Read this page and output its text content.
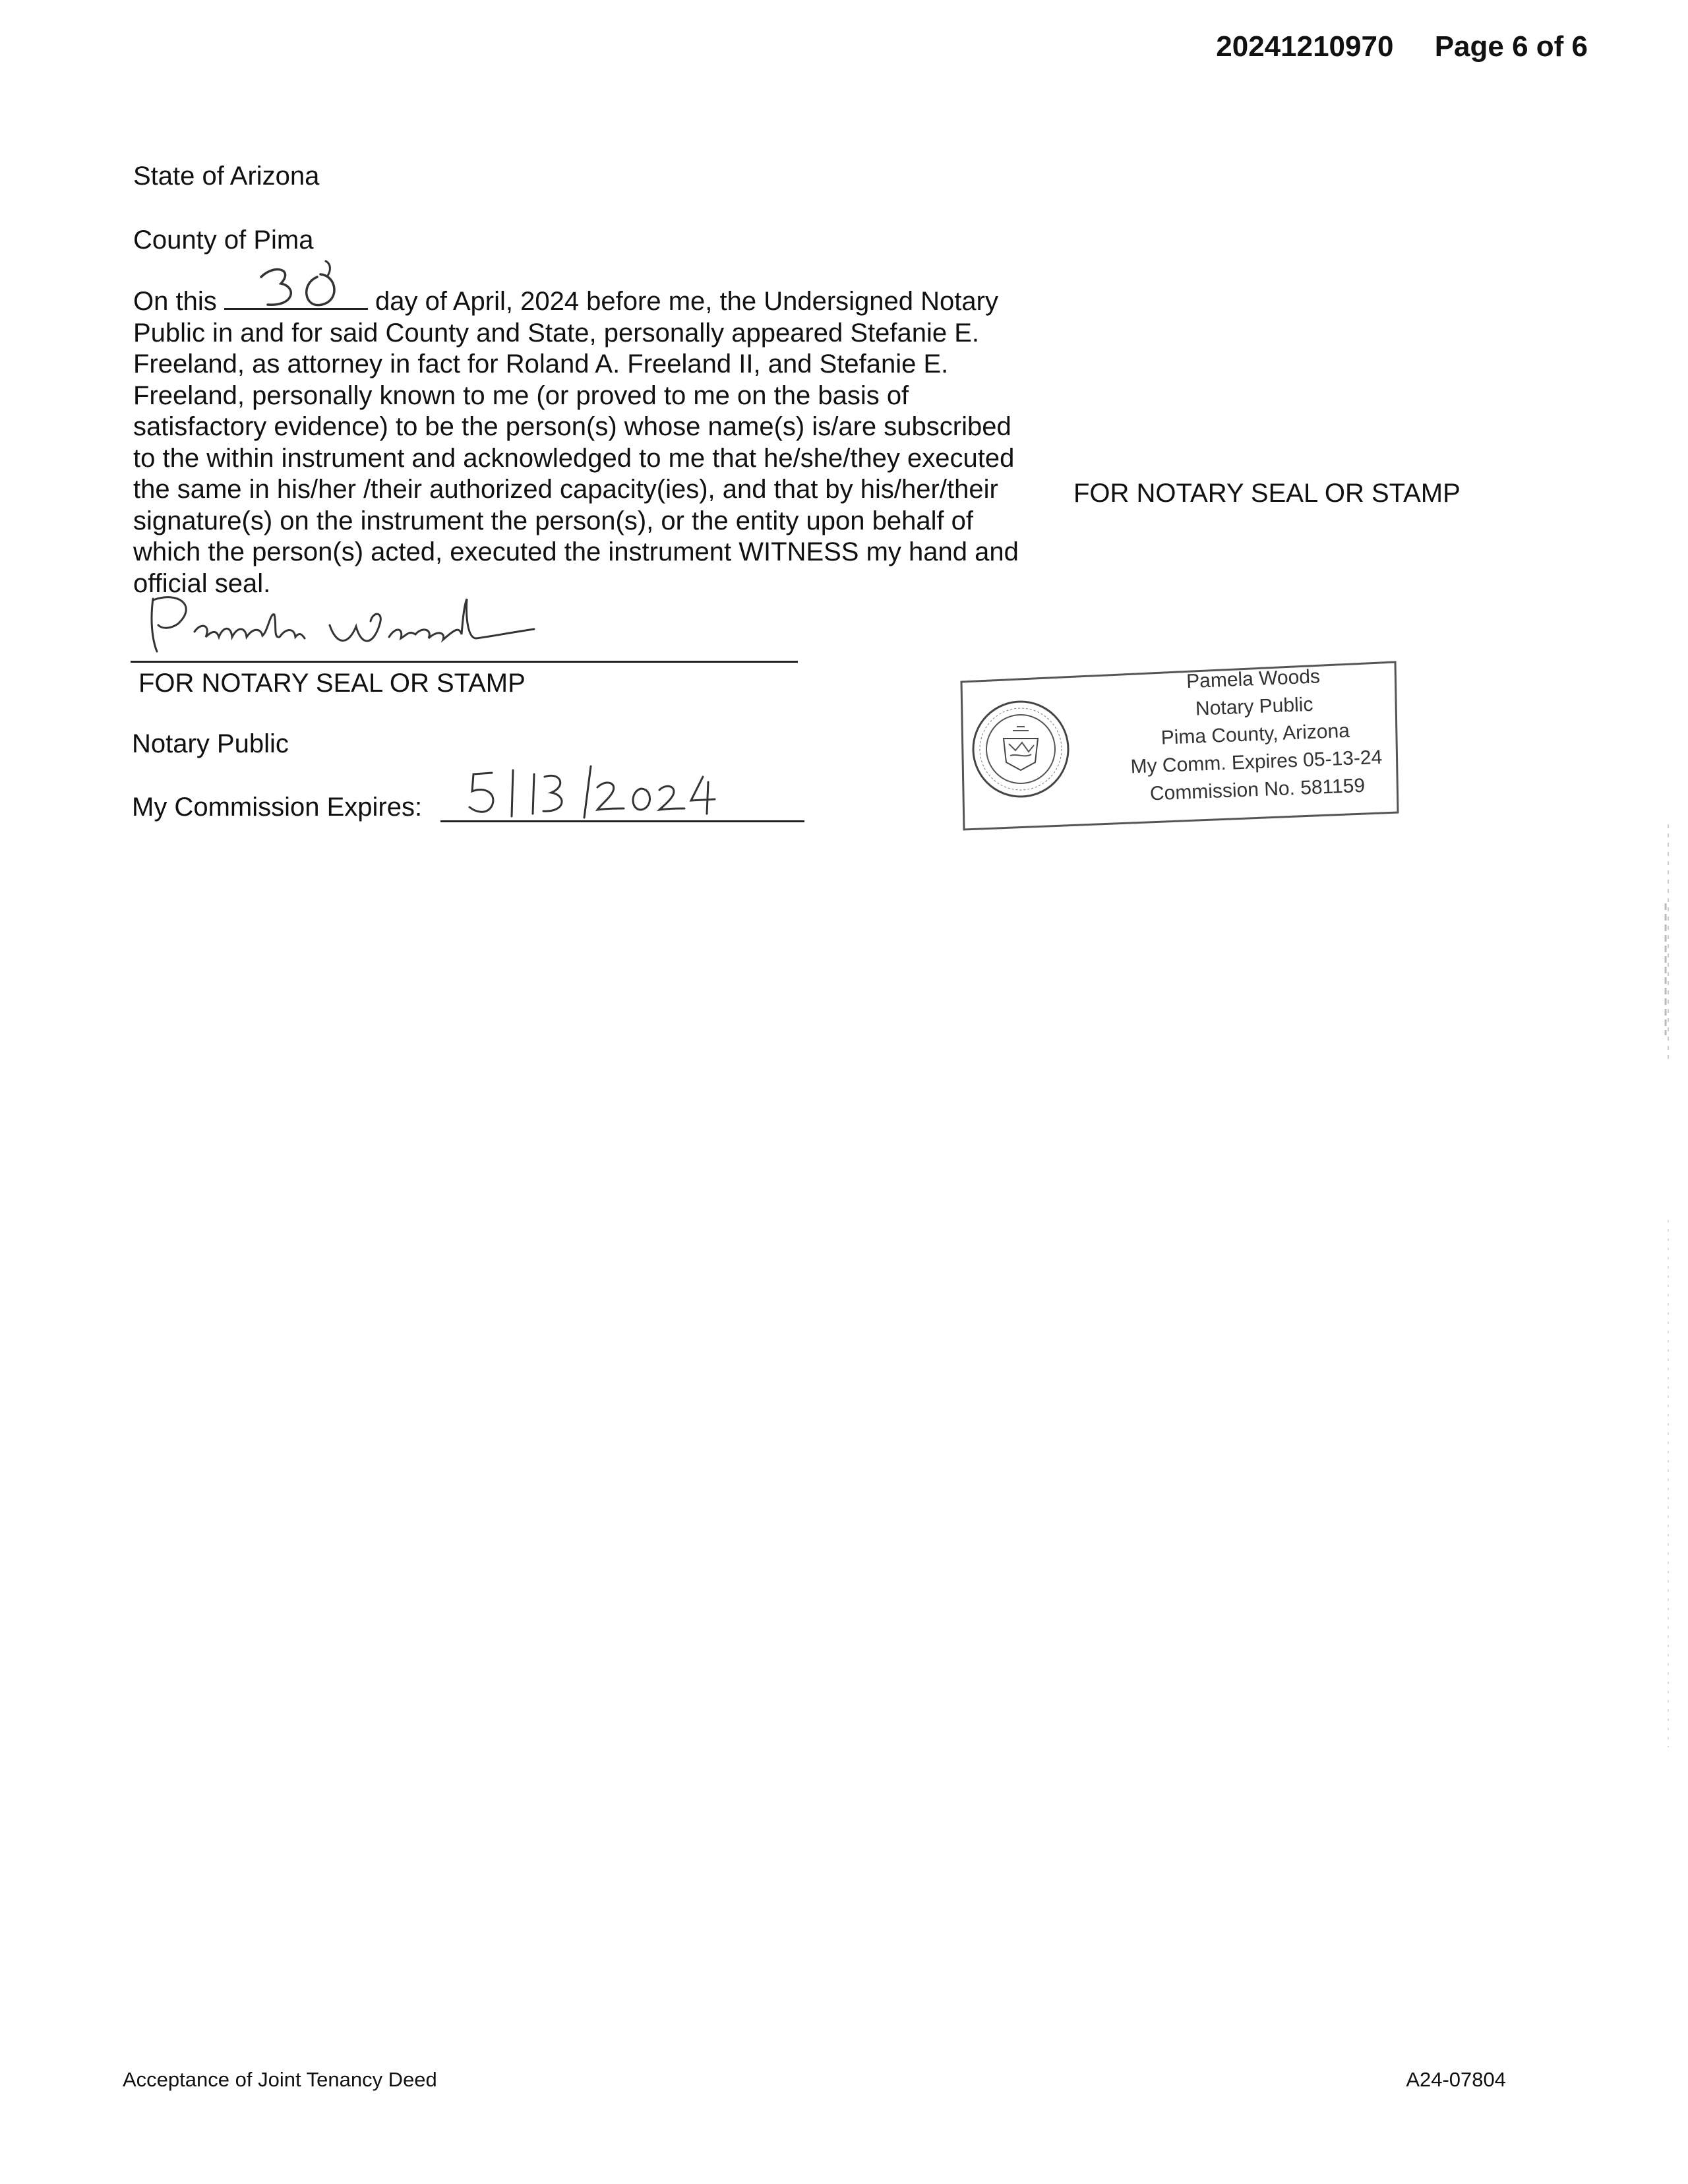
20241210970 Page 6 of 6
State of Arizona
County of Pima
On this	day of April, 2024 before me, the Undersigned Notary Public in and for said County and State, personally appeared Stefanie E. Freeland, as attorney in fact for Roland A. Freeland II, and Stefanie E. Freeland, personally known to me (or proved to me on the basis of satisfactory evidence) to be the person(s) whose name(s) is/are subscribed to the within instrument and acknowledged to me that he/she/they executed the same in his/her /their authorized capacity(ies), and that by his/her/their signature(s) on the instrument the person(s), or the entity upon behalf of which the person(s) acted, executed the instrument WITNESS my hand and official seal.
FOR NOTARY SEAL OR STAMP
FOR NOTARY SEAL OR STAMP
Notary Public
My Commission Expires:
Pamela Woods
Notary Public
Pima County, Arizona
My Comm. Expires 05-13-24
Commission No. 581159
Acceptance of Joint Tenancy Deed	A24-07804
